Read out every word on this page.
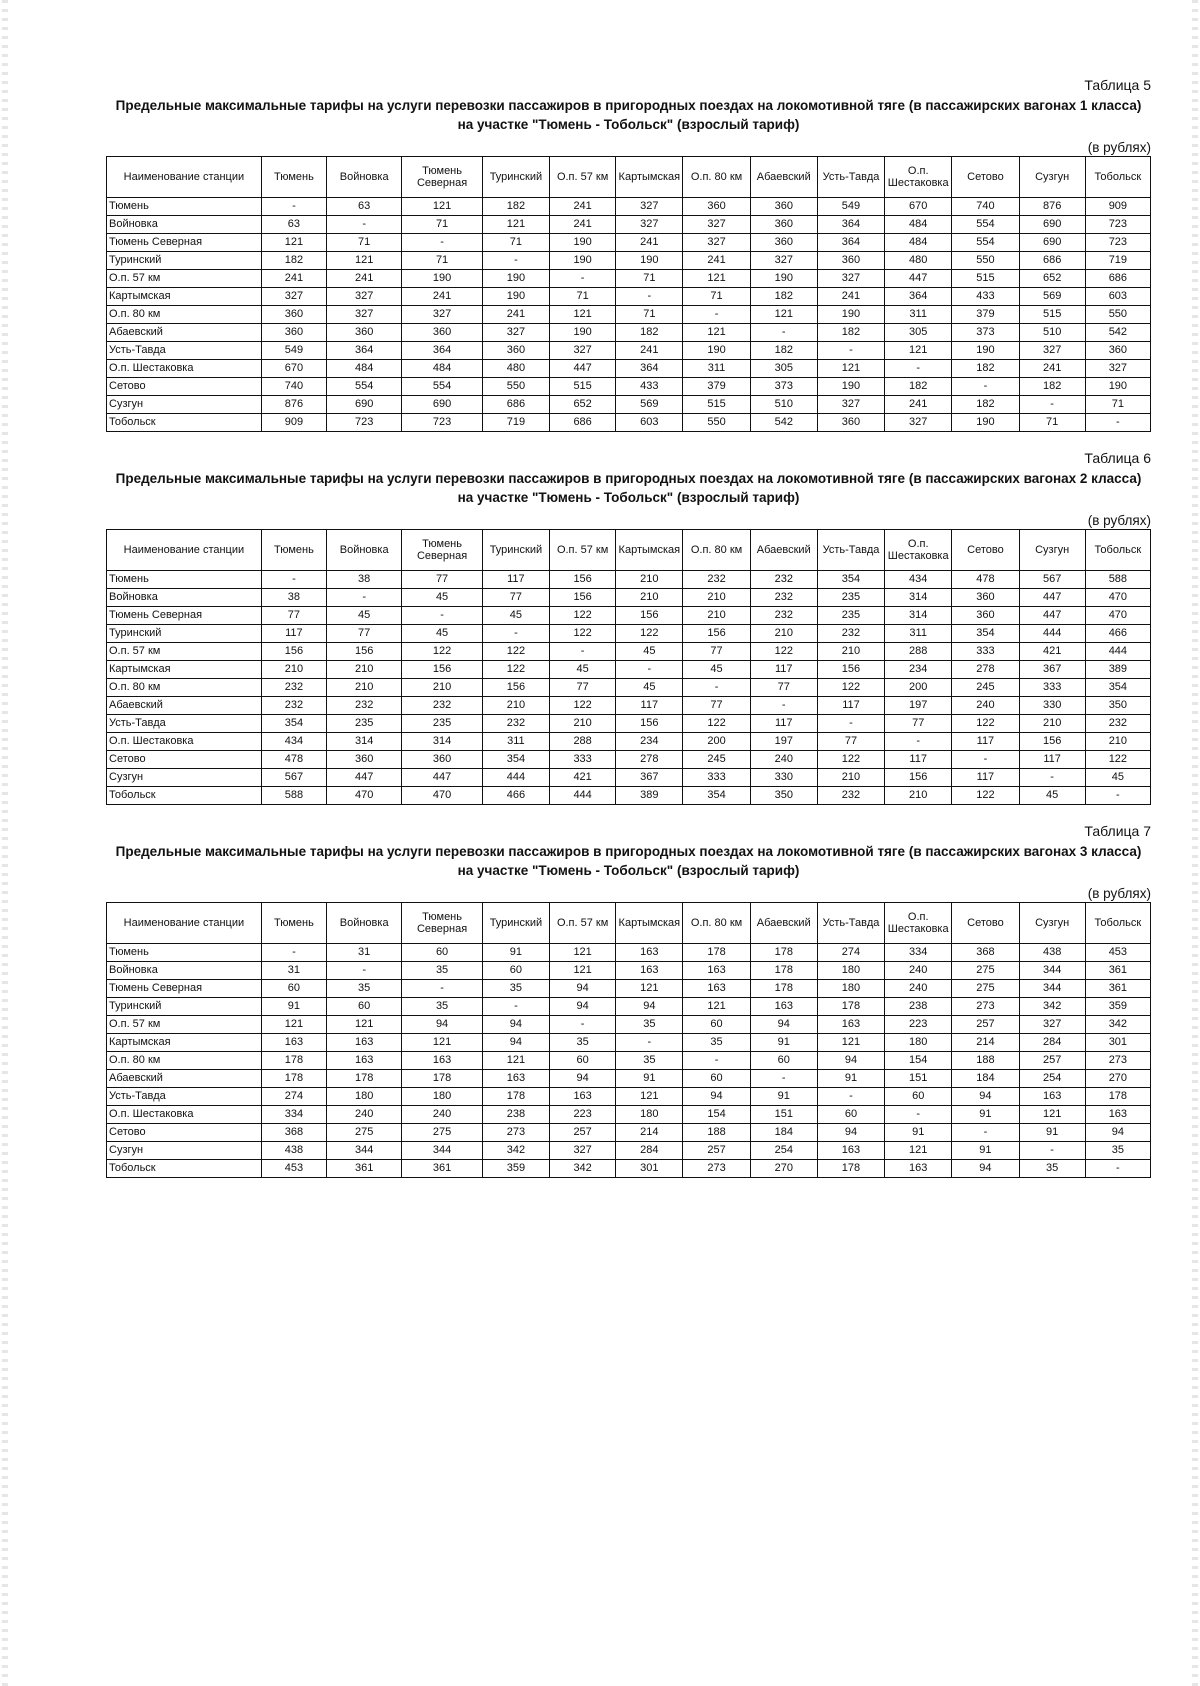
Таблица 5
Предельные максимальные тарифы на услуги перевозки пассажиров в пригородных поездах на локомотивной тяге (в пассажирских вагонах 1 класса) на участке "Тюмень - Тобольск" (взрослый тариф)
(в рублях)
Наименование станции	Тюмень	Войновка	Тюмень Северная	Туринский	О.п. 57 км	Картымская	О.п. 80 км	Абаевский	Усть-Тавда	О.п. Шестаковка	Сетово	Сузгун	Тобольск
Тюмень	-	63	121	182	241	327	360	360	549	670	740	876	909
Войновка	63	-	71	121	241	327	327	360	364	484	554	690	723
Тюмень Северная	121	71	-	71	190	241	327	360	364	484	554	690	723
Туринский	182	121	71	-	190	190	241	327	360	480	550	686	719
О.п. 57 км	241	241	190	190	-	71	121	190	327	447	515	652	686
Картымская	327	327	241	190	71	-	71	182	241	364	433	569	603
О.п. 80 км	360	327	327	241	121	71	-	121	190	311	379	515	550
Абаевский	360	360	360	327	190	182	121	-	182	305	373	510	542
Усть-Тавда	549	364	364	360	327	241	190	182	-	121	190	327	360
О.п. Шестаковка	670	484	484	480	447	364	311	305	121	-	182	241	327
Сетово	740	554	554	550	515	433	379	373	190	182	-	182	190
Сузгун	876	690	690	686	652	569	515	510	327	241	182	-	71
Тобольск	909	723	723	719	686	603	550	542	360	327	190	71	-
Таблица 6
Предельные максимальные тарифы на услуги перевозки пассажиров в пригородных поездах на локомотивной тяге (в пассажирских вагонах 2 класса) на участке "Тюмень - Тобольск" (взрослый тариф)
(в рублях)
Наименование станции	Тюмень	Войновка	Тюмень Северная	Туринский	О.п. 57 км	Картымская	О.п. 80 км	Абаевский	Усть-Тавда	О.п. Шестаковка	Сетово	Сузгун	Тобольск
Тюмень	-	38	77	117	156	210	232	232	354	434	478	567	588
Войновка	38	-	45	77	156	210	210	232	235	314	360	447	470
Тюмень Северная	77	45	-	45	122	156	210	232	235	314	360	447	470
Туринский	117	77	45	-	122	122	156	210	232	311	354	444	466
О.п. 57 км	156	156	122	122	-	45	77	122	210	288	333	421	444
Картымская	210	210	156	122	45	-	45	117	156	234	278	367	389
О.п. 80 км	232	210	210	156	77	45	-	77	122	200	245	333	354
Абаевский	232	232	232	210	122	117	77	-	117	197	240	330	350
Усть-Тавда	354	235	235	232	210	156	122	117	-	77	122	210	232
О.п. Шестаковка	434	314	314	311	288	234	200	197	77	-	117	156	210
Сетово	478	360	360	354	333	278	245	240	122	117	-	117	122
Сузгун	567	447	447	444	421	367	333	330	210	156	117	-	45
Тобольск	588	470	470	466	444	389	354	350	232	210	122	45	-
Таблица 7
Предельные максимальные тарифы на услуги перевозки пассажиров в пригородных поездах на локомотивной тяге (в пассажирских вагонах 3 класса) на участке "Тюмень - Тобольск" (взрослый тариф)
(в рублях)
Наименование станции	Тюмень	Войновка	Тюмень Северная	Туринский	О.п. 57 км	Картымская	О.п. 80 км	Абаевский	Усть-Тавда	О.п. Шестаковка	Сетово	Сузгун	Тобольск
Тюмень	-	31	60	91	121	163	178	178	274	334	368	438	453
Войновка	31	-	35	60	121	163	163	178	180	240	275	344	361
Тюмень Северная	60	35	-	35	94	121	163	178	180	240	275	344	361
Туринский	91	60	35	-	94	94	121	163	178	238	273	342	359
О.п. 57 км	121	121	94	94	-	35	60	94	163	223	257	327	342
Картымская	163	163	121	94	35	-	35	91	121	180	214	284	301
О.п. 80 км	178	163	163	121	60	35	-	60	94	154	188	257	273
Абаевский	178	178	178	163	94	91	60	-	91	151	184	254	270
Усть-Тавда	274	180	180	178	163	121	94	91	-	60	94	163	178
О.п. Шестаковка	334	240	240	238	223	180	154	151	60	-	91	121	163
Сетово	368	275	275	273	257	214	188	184	94	91	-	91	94
Сузгун	438	344	344	342	327	284	257	254	163	121	91	-	35
Тобольск	453	361	361	359	342	301	273	270	178	163	94	35	-
